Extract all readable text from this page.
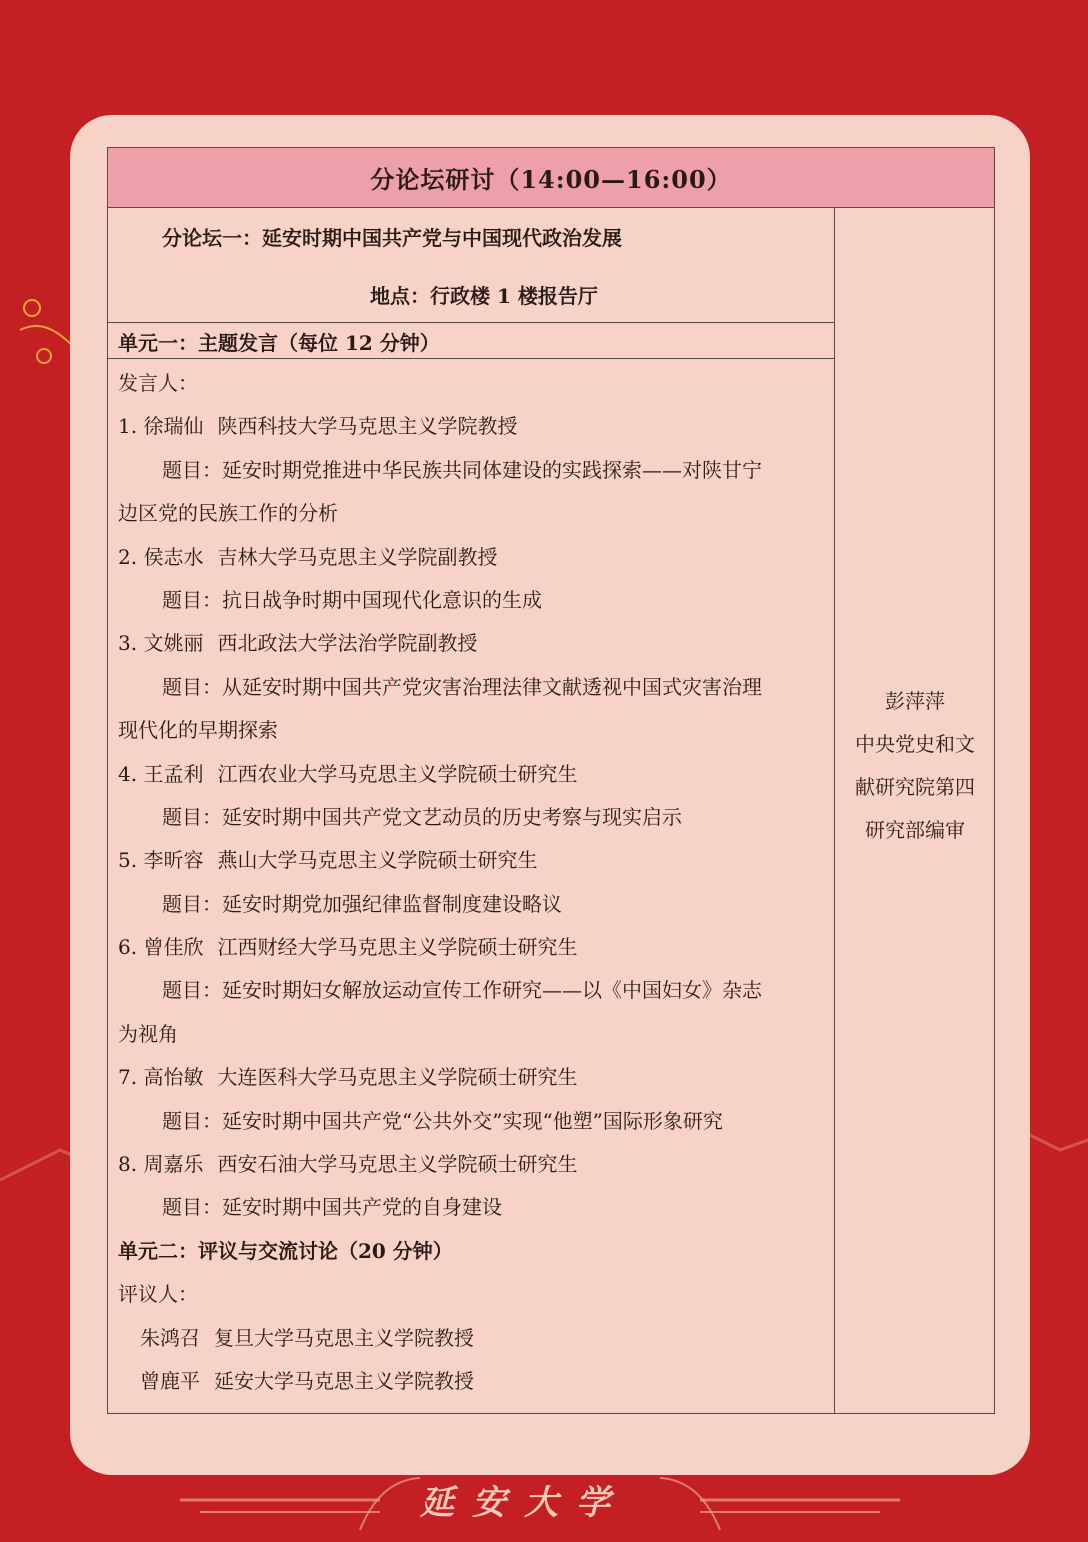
分论坛研讨（14:00—16:00）
分论坛一：延安时期中国共产党与中国现代政治发展
地点：行政楼 1 楼报告厅
单元一：主题发言（每位 12 分钟）
发言人：
1. 徐瑞仙 陕西科技大学马克思主义学院教授
题目：延安时期党推进中华民族共同体建设的实践探索——对陕甘宁
边区党的民族工作的分析
2. 侯志水 吉林大学马克思主义学院副教授
题目：抗日战争时期中国现代化意识的生成
3. 文姚丽 西北政法大学法治学院副教授
题目：从延安时期中国共产党灾害治理法律文献透视中国式灾害治理
现代化的早期探索
4. 王孟利 江西农业大学马克思主义学院硕士研究生
题目：延安时期中国共产党文艺动员的历史考察与现实启示
5. 李昕容 燕山大学马克思主义学院硕士研究生
题目：延安时期党加强纪律监督制度建设略议
6. 曾佳欣 江西财经大学马克思主义学院硕士研究生
题目：延安时期妇女解放运动宣传工作研究——以《中国妇女》杂志
为视角
7. 高怡敏 大连医科大学马克思主义学院硕士研究生
题目：延安时期中国共产党“公共外交”实现“他塑”国际形象研究
8. 周嘉乐 西安石油大学马克思主义学院硕士研究生
题目：延安时期中国共产党的自身建设
单元二：评议与交流讨论（20 分钟）
评议人：
朱鸿召 复旦大学马克思主义学院教授
曾鹿平 延安大学马克思主义学院教授
彭萍萍
中央党史和文
献研究院第四
研究部编审
延安大学
